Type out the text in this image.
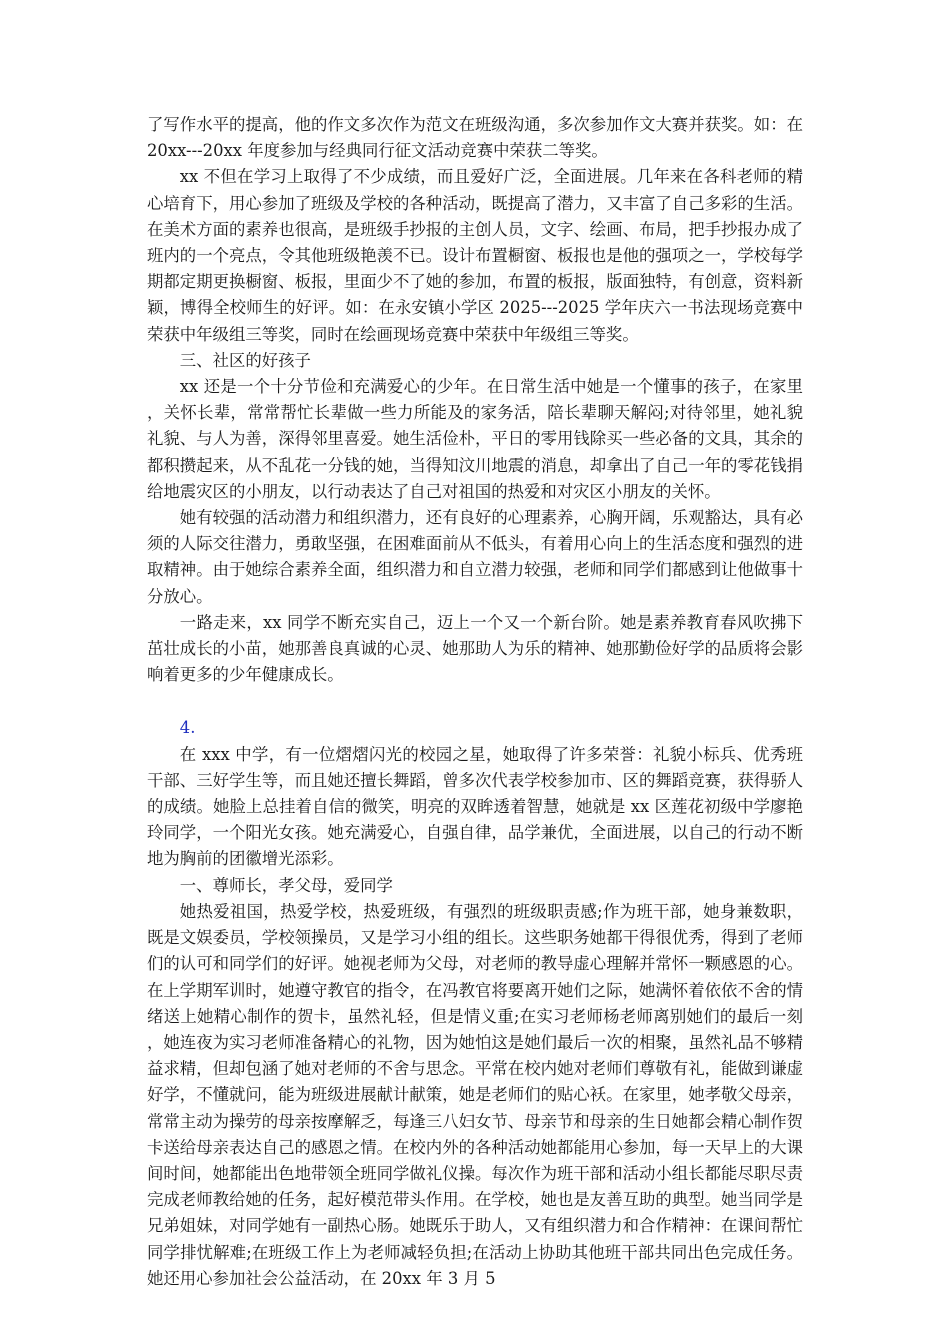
了写作水平的提高，他的作文多次作为范文在班级沟通，多次参加作文大赛并获奖。如：在 20xx---20xx 年度参加与经典同行征文活动竞赛中荣获二等奖。

xx 不但在学习上取得了不少成绩，而且爱好广泛，全面进展。几年来在各科老师的精心培育下，用心参加了班级及学校的各种活动，既提高了潜力，又丰富了自己多彩的生活。在美术方面的素养也很高，是班级手抄报的主创人员，文字、绘画、布局，把手抄报办成了班内的一个亮点，令其他班级艳羡不已。设计布置橱窗、板报也是他的强项之一，学校每学期都定期更换橱窗、板报，里面少不了她的参加，布置的板报，版面独特，有创意，资料新颖，博得全校师生的好评。如：在永安镇小学区 2025---2025 学年庆六一书法现场竞赛中荣获中年级组三等奖，同时在绘画现场竞赛中荣获中年级组三等奖。

三、社区的好孩子

xx 还是一个十分节俭和充满爱心的少年。在日常生活中她是一个懂事的孩子，在家里，关怀长辈，常常帮忙长辈做一些力所能及的家务活，陪长辈聊天解闷;对待邻里，她礼貌礼貌、与人为善，深得邻里喜爱。她生活俭朴，平日的零用钱除买一些必备的文具，其余的都积攒起来，从不乱花一分钱的她，当得知汶川地震的消息，却拿出了自己一年的零花钱捐给地震灾区的小朋友，以行动表达了自己对祖国的热爱和对灾区小朋友的关怀。

她有较强的活动潜力和组织潜力，还有良好的心理素养，心胸开阔，乐观豁达，具有必须的人际交往潜力，勇敢坚强，在困难面前从不低头，有着用心向上的生活态度和强烈的进取精神。由于她综合素养全面，组织潜力和自立潜力较强，老师和同学们都感到让他做事十分放心。

一路走来，xx 同学不断充实自己，迈上一个又一个新台阶。她是素养教育春风吹拂下茁壮成长的小苗，她那善良真诚的心灵、她那助人为乐的精神、她那勤俭好学的品质将会影响着更多的少年健康成长。

4.

在 xxx 中学，有一位熠熠闪光的校园之星，她取得了许多荣誉：礼貌小标兵、优秀班干部、三好学生等，而且她还擅长舞蹈，曾多次代表学校参加市、区的舞蹈竞赛，获得骄人的成绩。她脸上总挂着自信的微笑，明亮的双眸透着智慧，她就是 xx 区莲花初级中学廖艳玲同学，一个阳光女孩。她充满爱心，自强自律，品学兼优，全面进展，以自己的行动不断地为胸前的团徽增光添彩。

一、尊师长，孝父母，爱同学

她热爱祖国，热爱学校，热爱班级，有强烈的班级职责感;作为班干部，她身兼数职，既是文娱委员，学校领操员，又是学习小组的组长。这些职务她都干得很优秀，得到了老师们的认可和同学们的好评。她视老师为父母，对老师的教导虚心理解并常怀一颗感恩的心。在上学期军训时，她遵守教官的指令，在冯教官将要离开她们之际，她满怀着依依不舍的情绪送上她精心制作的贺卡，虽然礼轻，但是情义重;在实习老师杨老师离别她们的最后一刻，她连夜为实习老师准备精心的礼物，因为她怕这是她们最后一次的相聚，虽然礼品不够精益求精，但却包涵了她对老师的不舍与思念。平常在校内她对老师们尊敬有礼，能做到谦虚好学，不懂就问，能为班级进展献计献策，她是老师们的贴心袄。在家里，她孝敬父母亲，常常主动为操劳的母亲按摩解乏，每逢三八妇女节、母亲节和母亲的生日她都会精心制作贺卡送给母亲表达自己的感恩之情。在校内外的各种活动她都能用心参加，每一天早上的大课间时间，她都能出色地带领全班同学做礼仪操。每次作为班干部和活动小组长都能尽职尽责完成老师教给她的任务，起好模范带头作用。在学校，她也是友善互助的典型。她当同学是兄弟姐妹，对同学她有一副热心肠。她既乐于助人，又有组织潜力和合作精神：在课间帮忙同学排忧解难;在班级工作上为老师减轻负担;在活动上协助其他班干部共同出色完成任务。她还用心参加社会公益活动，在 20xx 年 3 月 5
